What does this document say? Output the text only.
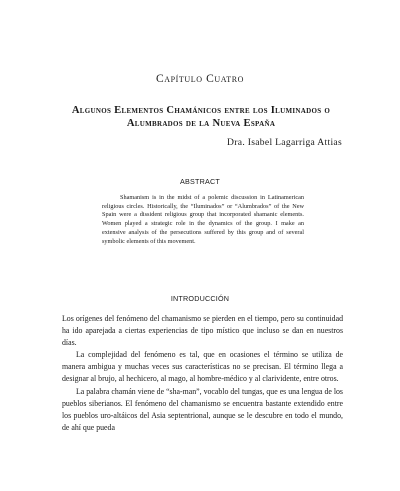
Capítulo Cuatro
Algunos Elementos Chamánicos entre los Iluminados o Alumbrados de la Nueva España
Dra. Isabel Lagarriga Attias
ABSTRACT

Shamanism is in the midst of a polemic discussion in Latinamerican religious circles. Historically, the “Iluminados” or “Alumbrados” of the New Spain were a dissident religious group that incorporated shamanic elements. Women played a strategic role in the dynamics of the group. I make an extensive analysis of the persecutions suffered by this group and of several symbolic elements of this movement.

INTRODUCCIÓN

Los orígenes del fenómeno del chamanismo se pierden en el tiempo, pero su continuidad ha ido aparejada a ciertas experiencias de tipo místico que incluso se dan en nuestros días.

La complejidad del fenómeno es tal, que en ocasiones el término se utiliza de manera ambigua y muchas veces sus características no se precisan. El término llega a designar al brujo, al hechicero, al mago, al hombre-médico y al clarividente, entre otros.

La palabra chamán viene de “sha-man”, vocablo del tungas, que es una lengua de los pueblos siberianos. El fenómeno del chamanismo se encuentra bastante extendido entre los pueblos uro-altáicos del Asia septentrional, aunque se le descubre en todo el mundo, de ahí que pueda
